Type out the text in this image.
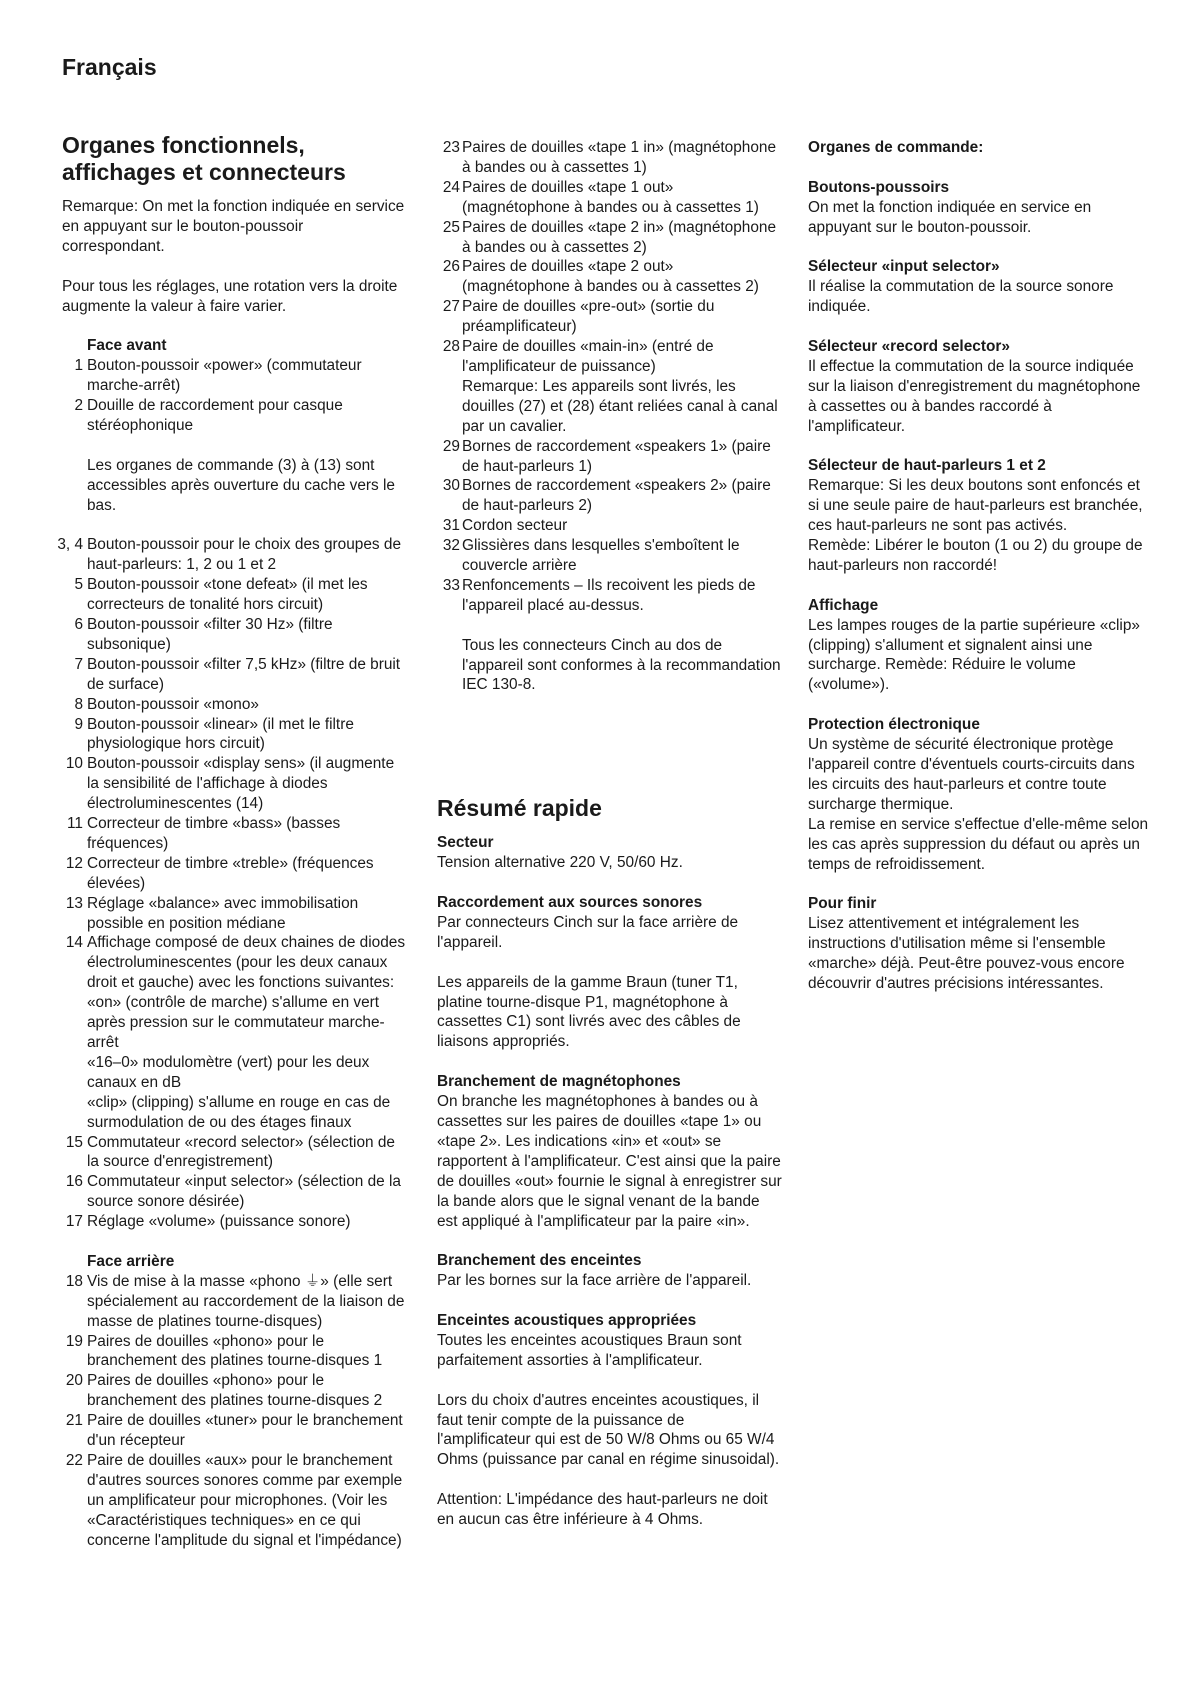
Français
Organes fonctionnels, affichages et connecteurs

Remarque: On met la fonction indiquée en service en appuyant sur le bouton-poussoir correspondant.

Pour tous les réglages, une rotation vers la droite augmente la valeur à faire varier.

Face avant

1 Bouton-poussoir «power» (commutateur marche-arrêt)
2 Douille de raccordement pour casque stéréophonique

Les organes de commande (3) à (13) sont accessibles après ouverture du cache vers le bas.

3, 4 Bouton-poussoir pour le choix des groupes de haut-parleurs: 1, 2 ou 1 et 2
5 Bouton-poussoir «tone defeat» (il met les correcteurs de tonalité hors circuit)
6 Bouton-poussoir «filter 30 Hz» (filtre subsonique)
7 Bouton-poussoir «filter 7,5 kHz» (filtre de bruit de surface)
8 Bouton-poussoir «mono»
9 Bouton-poussoir «linear» (il met le filtre physiologique hors circuit)
10 Bouton-poussoir «display sens» (il augmente la sensibilité de l'affichage à diodes électroluminescentes (14)
11 Correcteur de timbre «bass» (basses fréquences)
12 Correcteur de timbre «treble» (fréquences élevées)
13 Réglage «balance» avec immobilisation possible en position médiane
14 Affichage composé de deux chaines de diodes électroluminescentes (pour les deux canaux droit et gauche) avec les fonctions suivantes:
«on» (contrôle de marche) s'allume en vert après pression sur le commutateur marche-arrêt
«16–0» modulomètre (vert) pour les deux canaux en dB
«clip» (clipping) s'allume en rouge en cas de surmodulation de ou des étages finaux
15 Commutateur «record selector» (sélection de la source d'enregistrement)
16 Commutateur «input selector» (sélection de la source sonore désirée)
17 Réglage «volume» (puissance sonore)

Face arrière

18 Vis de mise à la masse «phono ⏚» (elle sert spécialement au raccordement de la liaison de masse de platines tourne-disques)
19 Paires de douilles «phono» pour le branchement des platines tourne-disques 1
20 Paires de douilles «phono» pour le branchement des platines tourne-disques 2
21 Paire de douilles «tuner» pour le branchement d'un récepteur
22 Paire de douilles «aux» pour le branchement d'autres sources sonores comme par exemple un amplificateur pour microphones. (Voir les «Caractéristiques techniques» en ce qui concerne l'amplitude du signal et l'impédance)
23 Paires de douilles «tape 1 in» (magnétophone à bandes ou à cassettes 1)
24 Paires de douilles «tape 1 out» (magnétophone à bandes ou à cassettes 1)
25 Paires de douilles «tape 2 in» (magnétophone à bandes ou à cassettes 2)
26 Paires de douilles «tape 2 out» (magnétophone à bandes ou à cassettes 2)
27 Paire de douilles «pre-out» (sortie du préamplificateur)
28 Paire de douilles «main-in» (entré de l'amplificateur de puissance)
Remarque: Les appareils sont livrés, les douilles (27) et (28) étant reliées canal à canal par un cavalier.
29 Bornes de raccordement «speakers 1» (paire de haut-parleurs 1)
30 Bornes de raccordement «speakers 2» (paire de haut-parleurs 2)
31 Cordon secteur
32 Glissières dans lesquelles s'emboîtent le couvercle arrière
33 Renfoncements – Ils recoivent les pieds de l'appareil placé au-dessus.

Tous les connecteurs Cinch au dos de l'appareil sont conformes à la recommandation IEC 130-8.

Résumé rapide

Secteur

Tension alternative 220 V, 50/60 Hz.

Raccordement aux sources sonores

Par connecteurs Cinch sur la face arrière de l'appareil.

Les appareils de la gamme Braun (tuner T1, platine tourne-disque P1, magnétophone à cassettes C1) sont livrés avec des câbles de liaisons appropriés.

Branchement de magnétophones

On branche les magnétophones à bandes ou à cassettes sur les paires de douilles «tape 1» ou «tape 2». Les indications «in» et «out» se rapportent à l'amplificateur. C'est ainsi que la paire de douilles «out» fournie le signal à enregistrer sur la bande alors que le signal venant de la bande est appliqué à l'amplificateur par la paire «in».

Branchement des enceintes

Par les bornes sur la face arrière de l'appareil.

Enceintes acoustiques appropriées

Toutes les enceintes acoustiques Braun sont parfaitement assorties à l'amplificateur.

Lors du choix d'autres enceintes acoustiques, il faut tenir compte de la puissance de l'amplificateur qui est de 50 W/8 Ohms ou 65 W/4 Ohms (puissance par canal en régime sinusoidal).

Attention: L'impédance des haut-parleurs ne doit en aucun cas être inférieure à 4 Ohms.

Organes de commande:

Boutons-poussoirs

On met la fonction indiquée en service en appuyant sur le bouton-poussoir.

Sélecteur «input selector»

Il réalise la commutation de la source sonore indiquée.

Sélecteur «record selector»

Il effectue la commutation de la source indiquée sur la liaison d'enregistrement du magnétophone à cassettes ou à bandes raccordé à l'amplificateur.

Sélecteur de haut-parleurs 1 et 2

Remarque: Si les deux boutons sont enfoncés et si une seule paire de haut-parleurs est branchée, ces haut-parleurs ne sont pas activés.

Remède: Libérer le bouton (1 ou 2) du groupe de haut-parleurs non raccordé!

Affichage

Les lampes rouges de la partie supérieure «clip» (clipping) s'allument et signalent ainsi une surcharge. Remède: Réduire le volume («volume»).

Protection électronique

Un système de sécurité électronique protège l'appareil contre d'éventuels courts-circuits dans les circuits des haut-parleurs et contre toute surcharge thermique.

La remise en service s'effectue d'elle-même selon les cas après suppression du défaut ou après un temps de refroidissement.

Pour finir

Lisez attentivement et intégralement les instructions d'utilisation même si l'ensemble «marche» déjà. Peut-être pouvez-vous encore découvrir d'autres précisions intéressantes.
